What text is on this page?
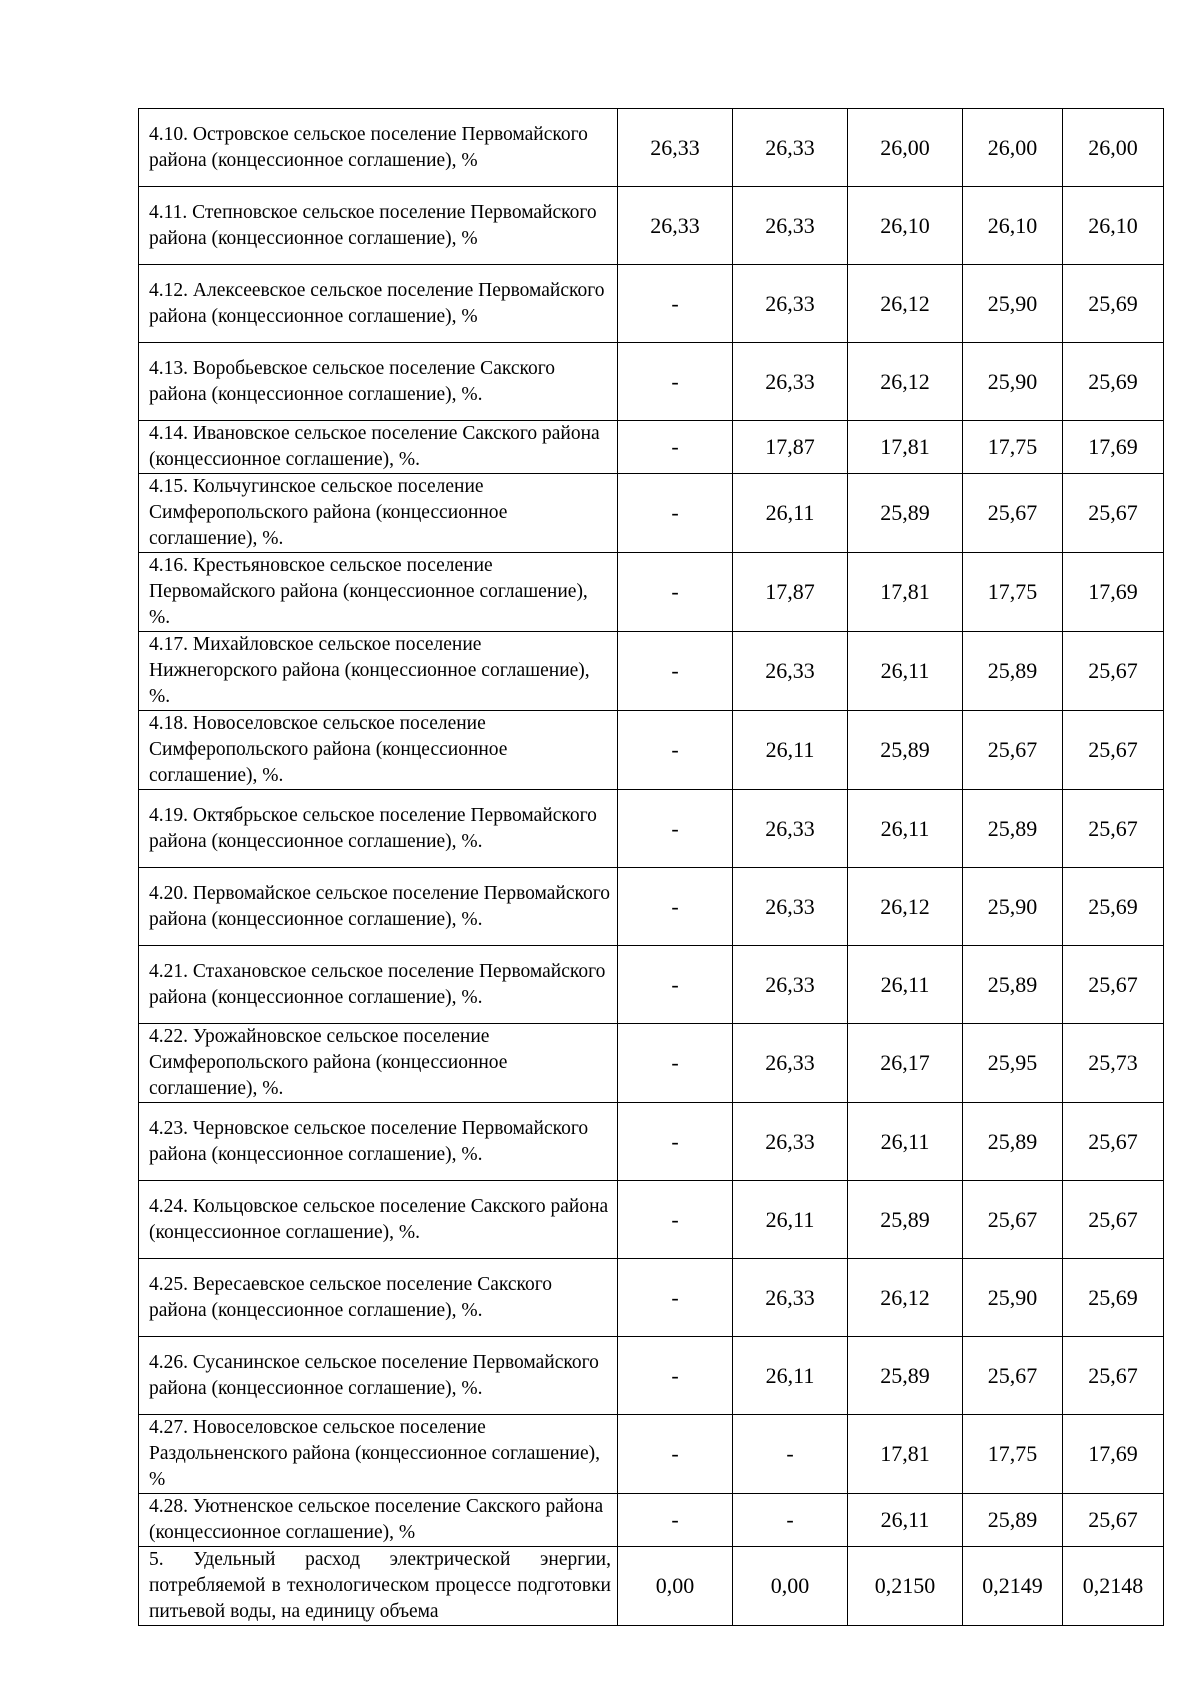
4.10. Островское сельское поселение Первомайского района (концессионное соглашение), %	26,33	26,33	26,00	26,00	26,00
4.11. Степновское сельское поселение Первомайского района (концессионное соглашение), %	26,33	26,33	26,10	26,10	26,10
4.12. Алексеевское сельское поселение Первомайского района (концессионное соглашение), %	-	26,33	26,12	25,90	25,69
4.13. Воробьевское сельское поселение Сакского района (концессионное соглашение), %.	-	26,33	26,12	25,90	25,69
4.14. Ивановское сельское поселение Сакского района (концессионное соглашение), %.	-	17,87	17,81	17,75	17,69
4.15. Кольчугинское сельское поселение Симферопольского района (концессионное соглашение), %.	-	26,11	25,89	25,67	25,67
4.16. Крестьяновское сельское поселение Первомайского района (концессионное соглашение), %.	-	17,87	17,81	17,75	17,69
4.17. Михайловское сельское поселение Нижнегорского района (концессионное соглашение), %.	-	26,33	26,11	25,89	25,67
4.18. Новоселовское сельское поселение Симферопольского района (концессионное соглашение), %.	-	26,11	25,89	25,67	25,67
4.19. Октябрьское сельское поселение Первомайского района (концессионное соглашение), %.	-	26,33	26,11	25,89	25,67
4.20. Первомайское сельское поселение Первомайского района (концессионное соглашение), %.	-	26,33	26,12	25,90	25,69
4.21. Стахановское сельское поселение Первомайского района (концессионное соглашение), %.	-	26,33	26,11	25,89	25,67
4.22. Урожайновское сельское поселение Симферопольского района (концессионное соглашение), %.	-	26,33	26,17	25,95	25,73
4.23. Черновское сельское поселение Первомайского района (концессионное соглашение), %.	-	26,33	26,11	25,89	25,67
4.24. Кольцовское сельское поселение Сакского района (концессионное соглашение), %.	-	26,11	25,89	25,67	25,67
4.25. Вересаевское сельское поселение Сакского района (концессионное соглашение), %.	-	26,33	26,12	25,90	25,69
4.26. Сусанинское сельское поселение Первомайского района (концессионное соглашение), %.	-	26,11	25,89	25,67	25,67
4.27. Новоселовское сельское поселение Раздольненского района (концессионное соглашение), %	-	-	17,81	17,75	17,69
4.28. Уютненское сельское поселение Сакского района (концессионное соглашение), %	-	-	26,11	25,89	25,67
5. Удельный расход электрической энергии, потребляемой в технологическом процессе подготовки питьевой воды, на единицу объема	0,00	0,00	0,2150	0,2149	0,2148
